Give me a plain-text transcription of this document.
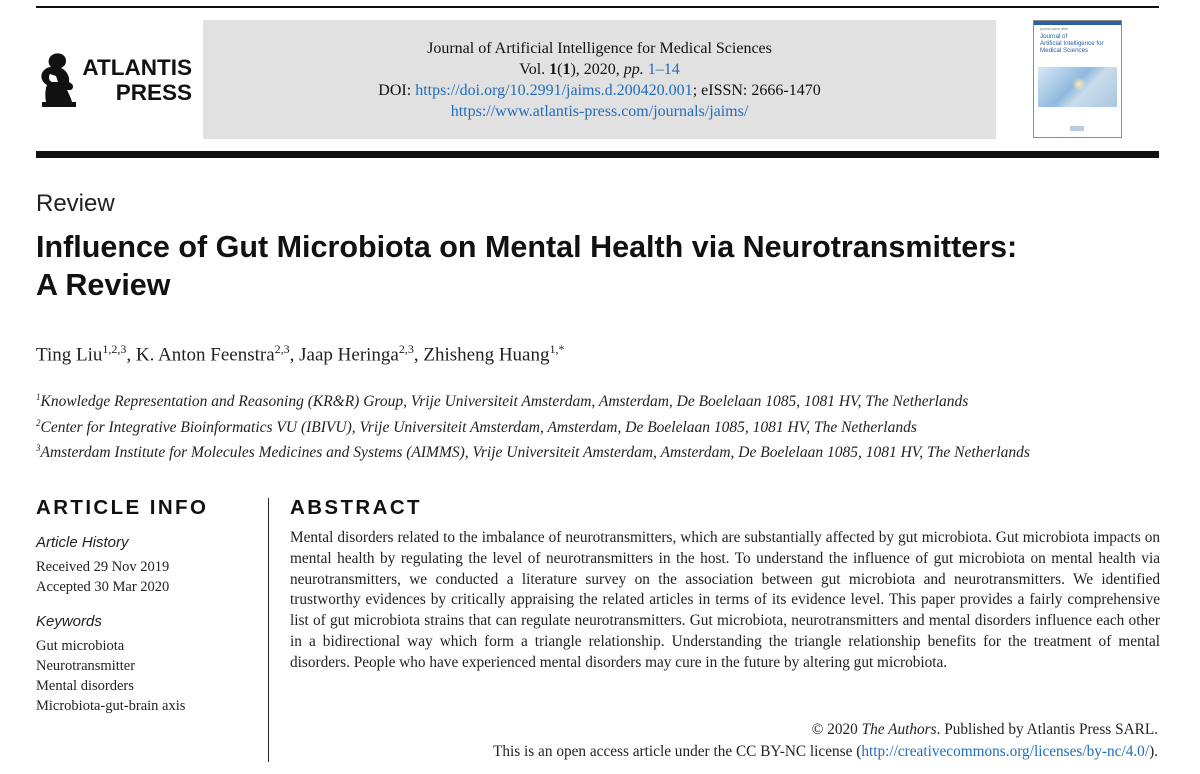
ATLANTIS
PRESS
Journal of Artificial Intelligence for Medical Sciences
Vol. 1(1), 2020, pp. 1–14
DOI: https://doi.org/10.2991/jaims.d.200420.001; eISSN: 2666-1470
https://www.atlantis-press.com/journals/jaims/
journal name abbr
Journal of
Artificial Intelligence for Medical Sciences
Review
Influence of Gut Microbiota on Mental Health via Neurotransmitters: A Review
Ting Liu$^{1,2,3}$, K. Anton Feenstra$^{2,3}$, Jaap Heringa$^{2,3}$, Zhisheng Huang$^{1,*}$
$^1$Knowledge Representation and Reasoning (KR&R) Group, Vrije Universiteit Amsterdam, Amsterdam, De Boelelaan 1085, 1081 HV, The Netherlands
$^2$Center for Integrative Bioinformatics VU (IBIVU), Vrije Universiteit Amsterdam, Amsterdam, De Boelelaan 1085, 1081 HV, The Netherlands
$^3$Amsterdam Institute for Molecules Medicines and Systems (AIMMS), Vrije Universiteit Amsterdam, Amsterdam, De Boelelaan 1085, 1081 HV, The Netherlands
ARTICLE INFO
Article History
Received 29 Nov 2019
Accepted 30 Mar 2020
Keywords
Gut microbiota
Neurotransmitter
Mental disorders
Microbiota-gut-brain axis
ABSTRACT
Mental disorders related to the imbalance of neurotransmitters, which are substantially affected by gut microbiota. Gut microbiota impacts on mental health by regulating the level of neurotransmitters in the host. To understand the influence of gut microbiota on mental health via neurotransmitters, we conducted a literature survey on the association between gut microbiota and neurotransmitters. We identified trustworthy evidences by critically appraising the related articles in terms of its evidence level. This paper provides a fairly comprehensive list of gut microbiota strains that can regulate neurotransmitters. Gut microbiota, neurotransmitters and mental disorders influence each other in a bidirectional way which form a triangle relationship. Understanding the triangle relationship benefits for the treatment of mental disorders. People who have experienced mental disorders may cure in the future by altering gut microbiota.
© 2020 The Authors. Published by Atlantis Press SARL.
This is an open access article under the CC BY-NC license (http://creativecommons.org/licenses/by-nc/4.0/).
